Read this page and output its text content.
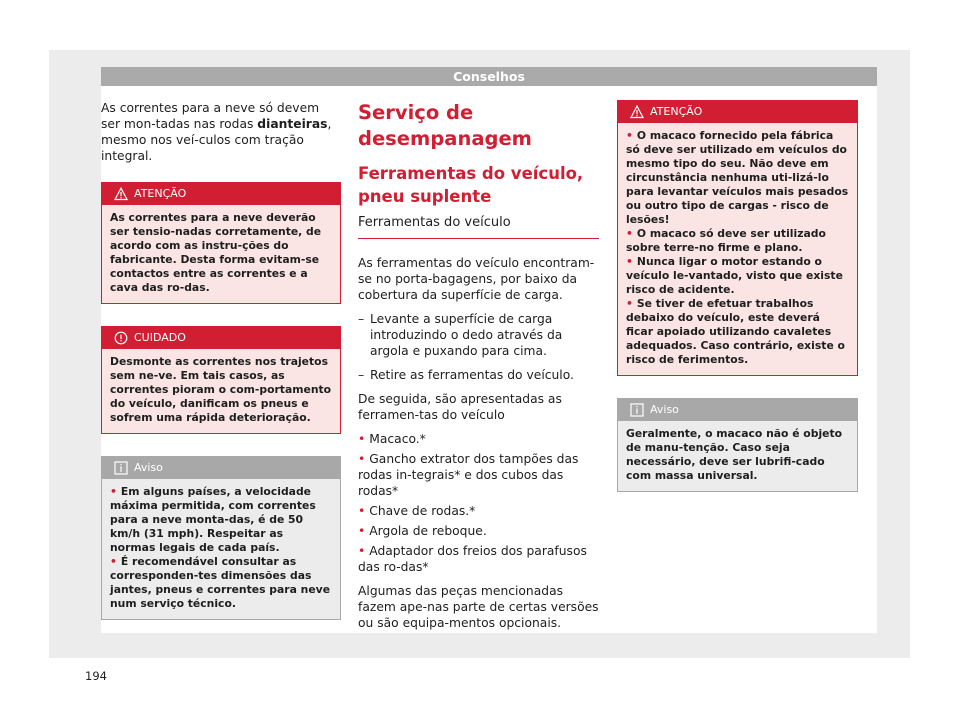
Conselhos

As correntes para a neve só devem ser mon-tadas nas rodas dianteiras, mesmo nos veí-culos com tração integral.

ATENÇÃO

As correntes para a neve deverão ser tensio-nadas corretamente, de acordo com as instru-ções do fabricante. Desta forma evitam-se contactos entre as correntes e a cava das ro-das.

CUIDADO

Desmonte as correntes nos trajetos sem ne-ve. Em tais casos, as correntes pioram o com-portamento do veículo, danificam os pneus e sofrem uma rápida deterioração.

Aviso

• Em alguns países, a velocidade máxima permitida, com correntes para a neve monta-das, é de 50 km/h (31 mph). Respeitar as normas legais de cada país.

• É recomendável consultar as corresponden-tes dimensões das jantes, pneus e correntes para neve num serviço técnico.

Serviço de desempanagem
Ferramentas do veículo, pneu suplente
Ferramentas do veículo

As ferramentas do veículo encontram-se no porta-bagagens, por baixo da cobertura da superfície de carga.

– Levante a superfície de carga introduzindo o dedo através da argola e puxando para cima.
– Retire as ferramentas do veículo.

De seguida, são apresentadas as ferramen-tas do veículo

• Macaco.*
• Gancho extrator dos tampões das rodas in-tegrais* e dos cubos das rodas*
• Chave de rodas.*
• Argola de reboque.
• Adaptador dos freios dos parafusos das ro-das*

Algumas das peças mencionadas fazem ape-nas parte de certas versões ou são equipa-mentos opcionais.

ATENÇÃO

• O macaco fornecido pela fábrica só deve ser utilizado em veículos do mesmo tipo do seu. Não deve em circunstância nenhuma uti-lizá-lo para levantar veículos mais pesados ou outro tipo de cargas - risco de lesões!

• O macaco só deve ser utilizado sobre terre-no firme e plano.

• Nunca ligar o motor estando o veículo le-vantado, visto que existe risco de acidente.

• Se tiver de efetuar trabalhos debaixo do veículo, este deverá ficar apoiado utilizando cavaletes adequados. Caso contrário, existe o risco de ferimentos.

Aviso

Geralmente, o macaco não é objeto de manu-tenção. Caso seja necessário, deve ser lubrifi-cado com massa universal.

194
